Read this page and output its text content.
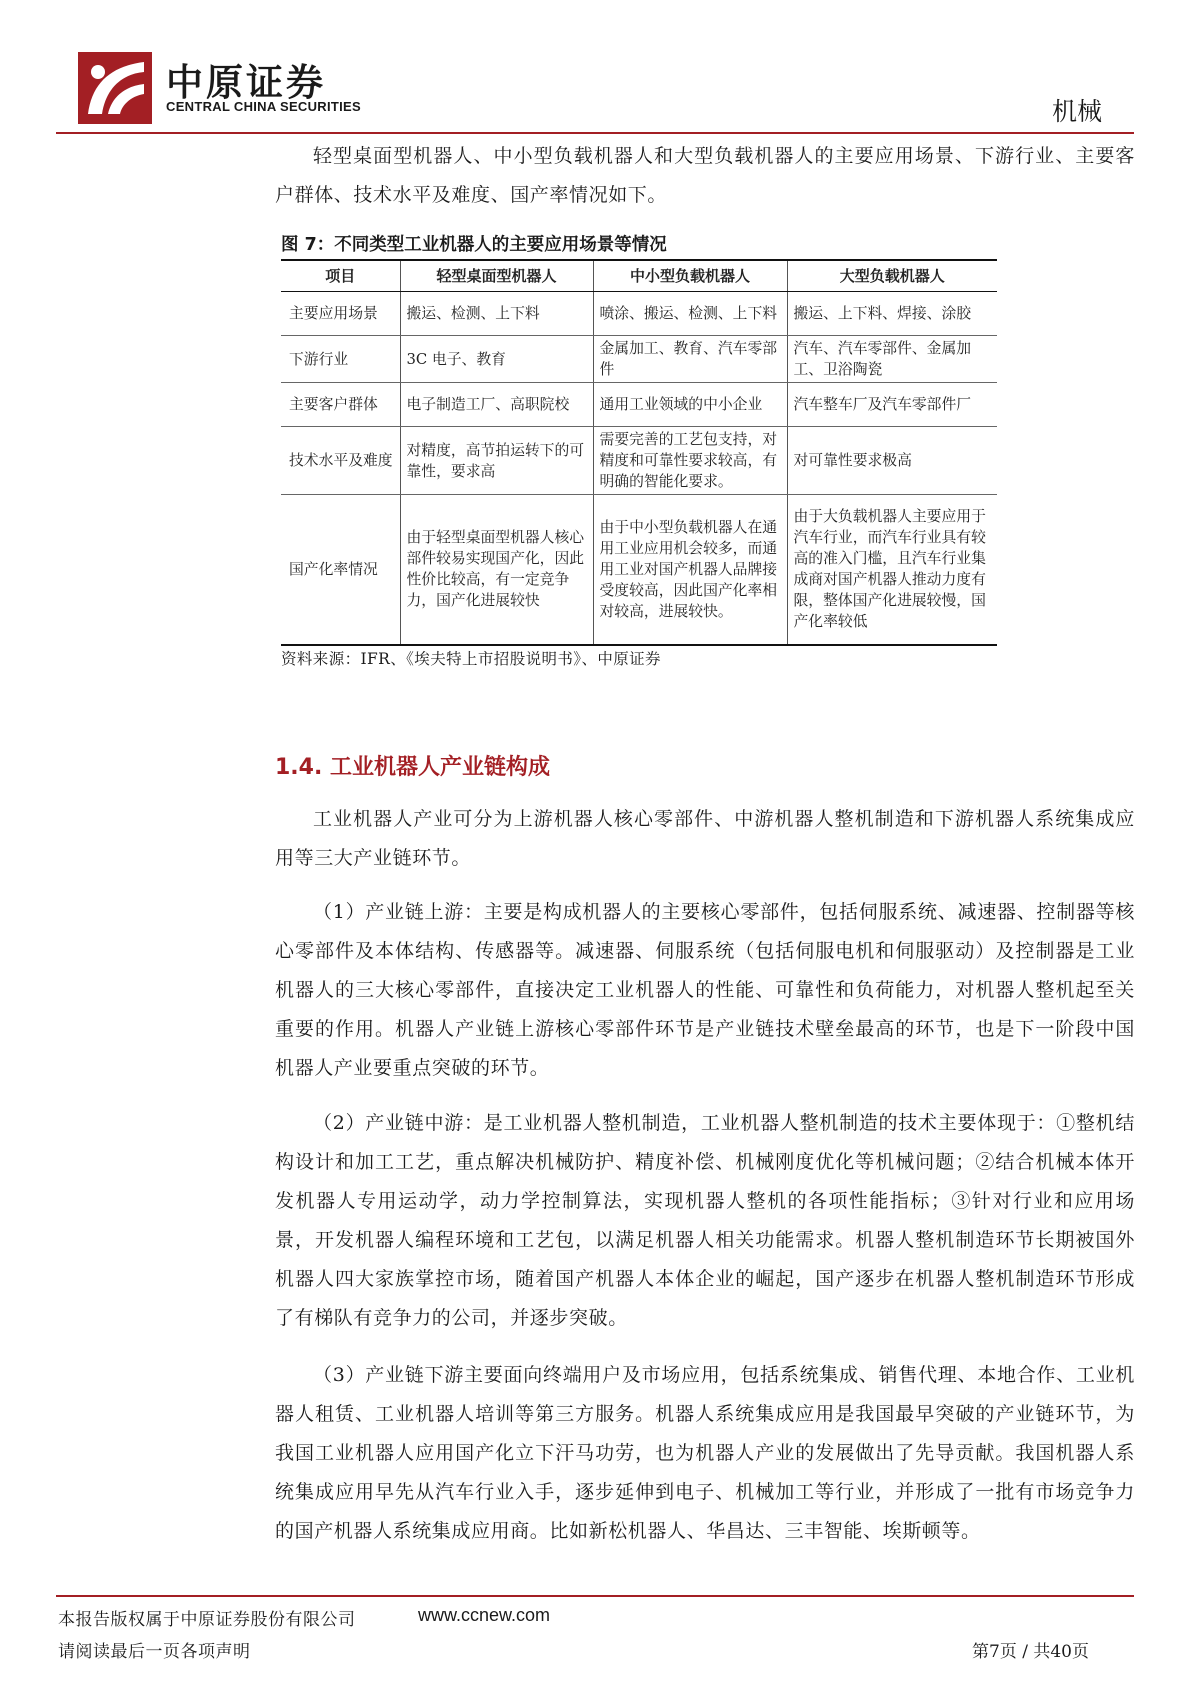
中原证券
CENTRAL CHINA SECURITIES	机械
轻型桌面型机器人、中小型负载机器人和大型负载机器人的主要应用场景、下游行业、主要客户群体、技术水平及难度、国产率情况如下。
图 7：不同类型工业机器人的主要应用场景等情况
项目	轻型桌面型机器人	中小型负载机器人	大型负载机器人
主要应用场景	搬运、检测、上下料	喷涂、搬运、检测、上下料	搬运、上下料、焊接、涂胶
下游行业	3C 电子、教育	金属加工、教育、汽车零部件	汽车、汽车零部件、金属加工、卫浴陶瓷
主要客户群体	电子制造工厂、高职院校	通用工业领域的中小企业	汽车整车厂及汽车零部件厂
技术水平及难度	对精度，高节拍运转下的可靠性，要求高	需要完善的工艺包支持，对精度和可靠性要求较高，有明确的智能化要求。	对可靠性要求极高
国产化率情况	由于轻型桌面型机器人核心部件较易实现国产化，因此性价比较高，有一定竞争力，国产化进展较快	由于中小型负载机器人在通用工业应用机会较多，而通用工业对国产机器人品牌接受度较高，因此国产化率相对较高，进展较快。	由于大负载机器人主要应用于汽车行业，而汽车行业具有较高的准入门槛，且汽车行业集成商对国产机器人推动力度有限，整体国产化进展较慢，国产化率较低
资料来源：IFR、《埃夫特上市招股说明书》、中原证券
1.4. 工业机器人产业链构成
工业机器人产业可分为上游机器人核心零部件、中游机器人整机制造和下游机器人系统集成应用等三大产业链环节。
（1）产业链上游：主要是构成机器人的主要核心零部件，包括伺服系统、减速器、控制器等核心零部件及本体结构、传感器等。减速器、伺服系统（包括伺服电机和伺服驱动）及控制器是工业机器人的三大核心零部件，直接决定工业机器人的性能、可靠性和负荷能力，对机器人整机起至关重要的作用。机器人产业链上游核心零部件环节是产业链技术壁垒最高的环节，也是下一阶段中国机器人产业要重点突破的环节。
（2）产业链中游：是工业机器人整机制造，工业机器人整机制造的技术主要体现于：①整机结构设计和加工工艺，重点解决机械防护、精度补偿、机械刚度优化等机械问题；②结合机械本体开发机器人专用运动学，动力学控制算法，实现机器人整机的各项性能指标；③针对行业和应用场景，开发机器人编程环境和工艺包，以满足机器人相关功能需求。机器人整机制造环节长期被国外机器人四大家族掌控市场，随着国产机器人本体企业的崛起，国产逐步在机器人整机制造环节形成了有梯队有竞争力的公司，并逐步突破。
（3）产业链下游主要面向终端用户及市场应用，包括系统集成、销售代理、本地合作、工业机器人租赁、工业机器人培训等第三方服务。机器人系统集成应用是我国最早突破的产业链环节，为我国工业机器人应用国产化立下汗马功劳，也为机器人产业的发展做出了先导贡献。我国机器人系统集成应用早先从汽车行业入手，逐步延伸到电子、机械加工等行业，并形成了一批有市场竞争力的国产机器人系统集成应用商。比如新松机器人、华昌达、三丰智能、埃斯顿等。
本报告版权属于中原证券股份有限公司	www.ccnew.com
请阅读最后一页各项声明	第7页 / 共40页
